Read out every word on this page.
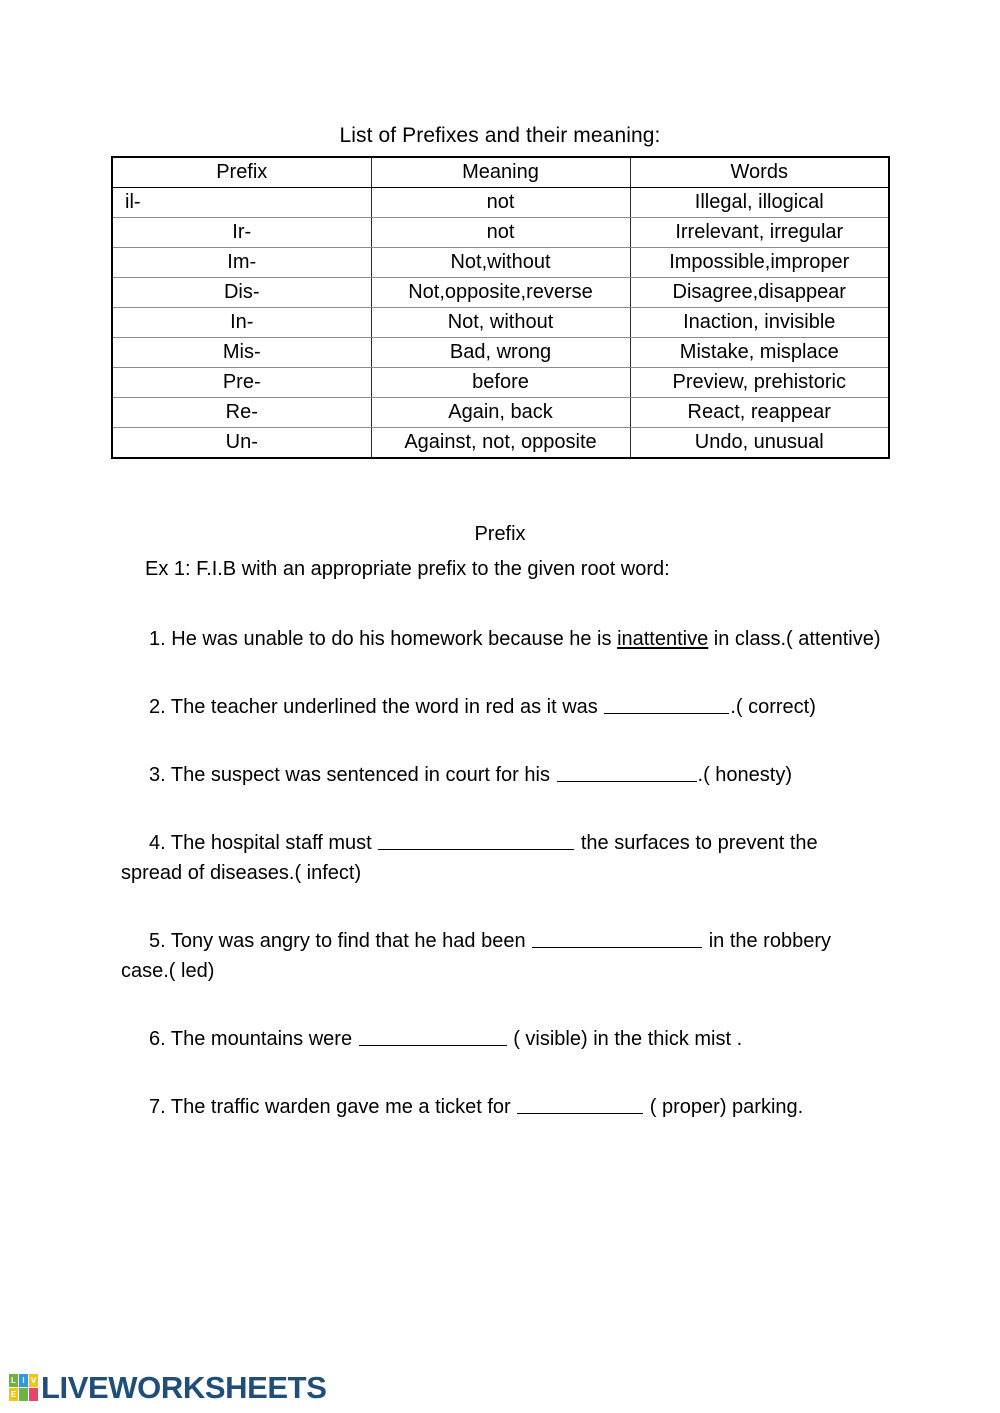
List of Prefixes and their meaning:
Prefix	Meaning	Words
il-	not	Illegal, illogical
Ir-	not	Irrelevant, irregular
Im-	Not,without	Impossible,improper
Dis-	Not,opposite,reverse	Disagree,disappear
In-	Not, without	Inaction, invisible
Mis-	Bad, wrong	Mistake, misplace
Pre-	before	Preview, prehistoric
Re-	Again, back	React, reappear
Un-	Against, not, opposite	Undo, unusual
Prefix
Ex 1: F.I.B with an appropriate prefix to the given root word:

1. He was unable to do his homework because he is inattentive in class.( attentive)

2. The teacher underlined the word in red as it was	.( correct)

3. The suspect was sentenced in court for his	.( honesty)

4. The hospital staff must	the surfaces to prevent the spread of diseases.( infect)

5. Tony was angry to find that he had been	in the robbery case.( led)

6. The mountains were	( visible) in the thick mist .

7. The traffic warden gave me a ticket for	( proper) parking.

L I V
E LIVEWORKSHEETS
